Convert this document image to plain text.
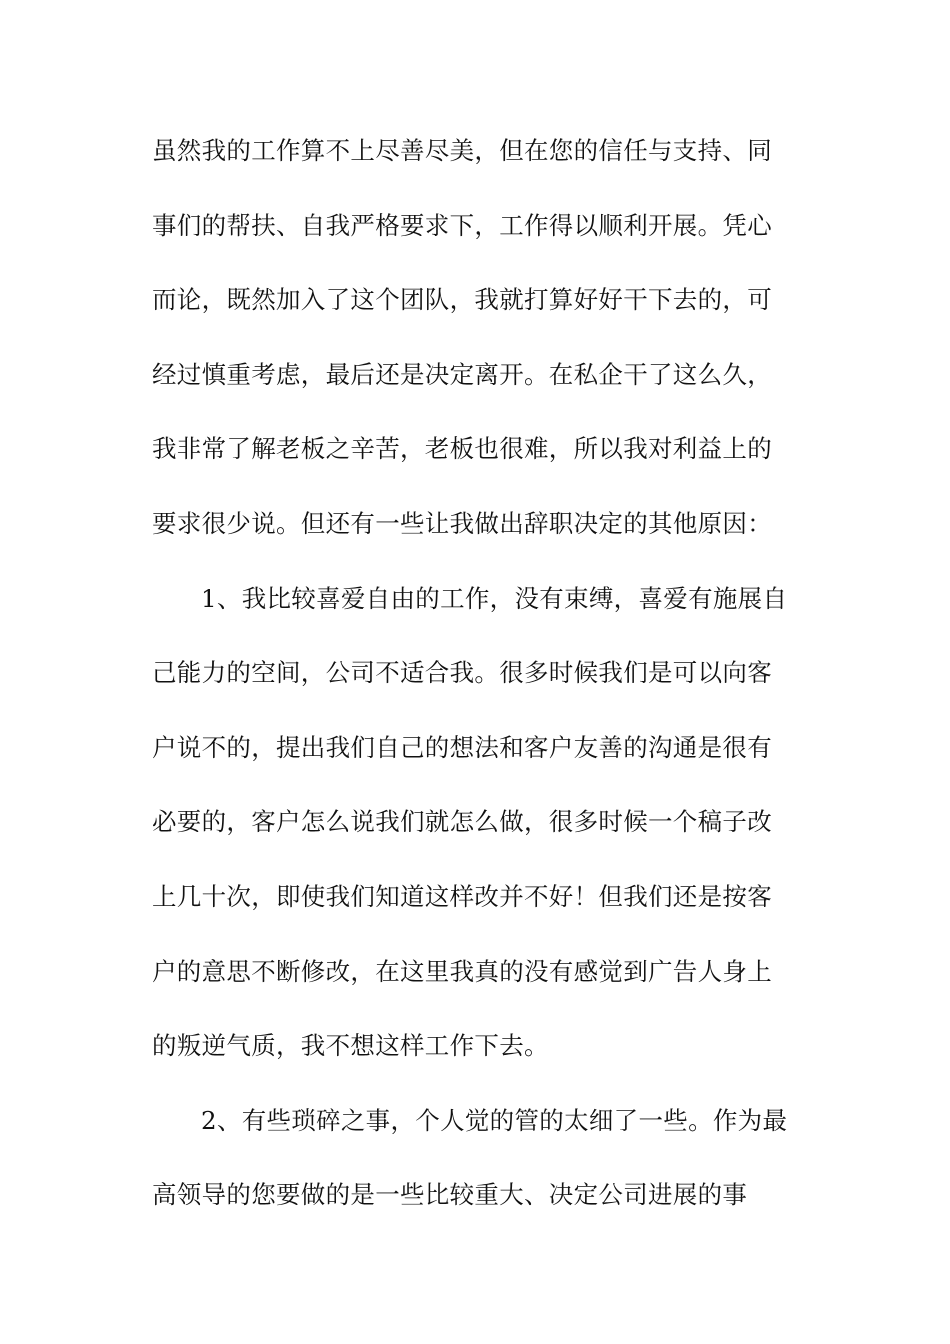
虽然我的工作算不上尽善尽美，但在您的信任与支持、同
事们的帮扶、自我严格要求下，工作得以顺利开展。凭心
而论，既然加入了这个团队，我就打算好好干下去的，可
经过慎重考虑，最后还是决定离开。在私企干了这么久，
我非常了解老板之辛苦，老板也很难，所以我对利益上的
要求很少说。但还有一些让我做出辞职决定的其他原因：
1、我比较喜爱自由的工作，没有束缚，喜爱有施展自
己能力的空间，公司不适合我。很多时候我们是可以向客
户说不的，提出我们自己的想法和客户友善的沟通是很有
必要的，客户怎么说我们就怎么做，很多时候一个稿子改
上几十次，即使我们知道这样改并不好！但我们还是按客
户的意思不断修改，在这里我真的没有感觉到广告人身上
的叛逆气质，我不想这样工作下去。
2、有些琐碎之事，个人觉的管的太细了一些。作为最
高领导的您要做的是一些比较重大、决定公司进展的事
